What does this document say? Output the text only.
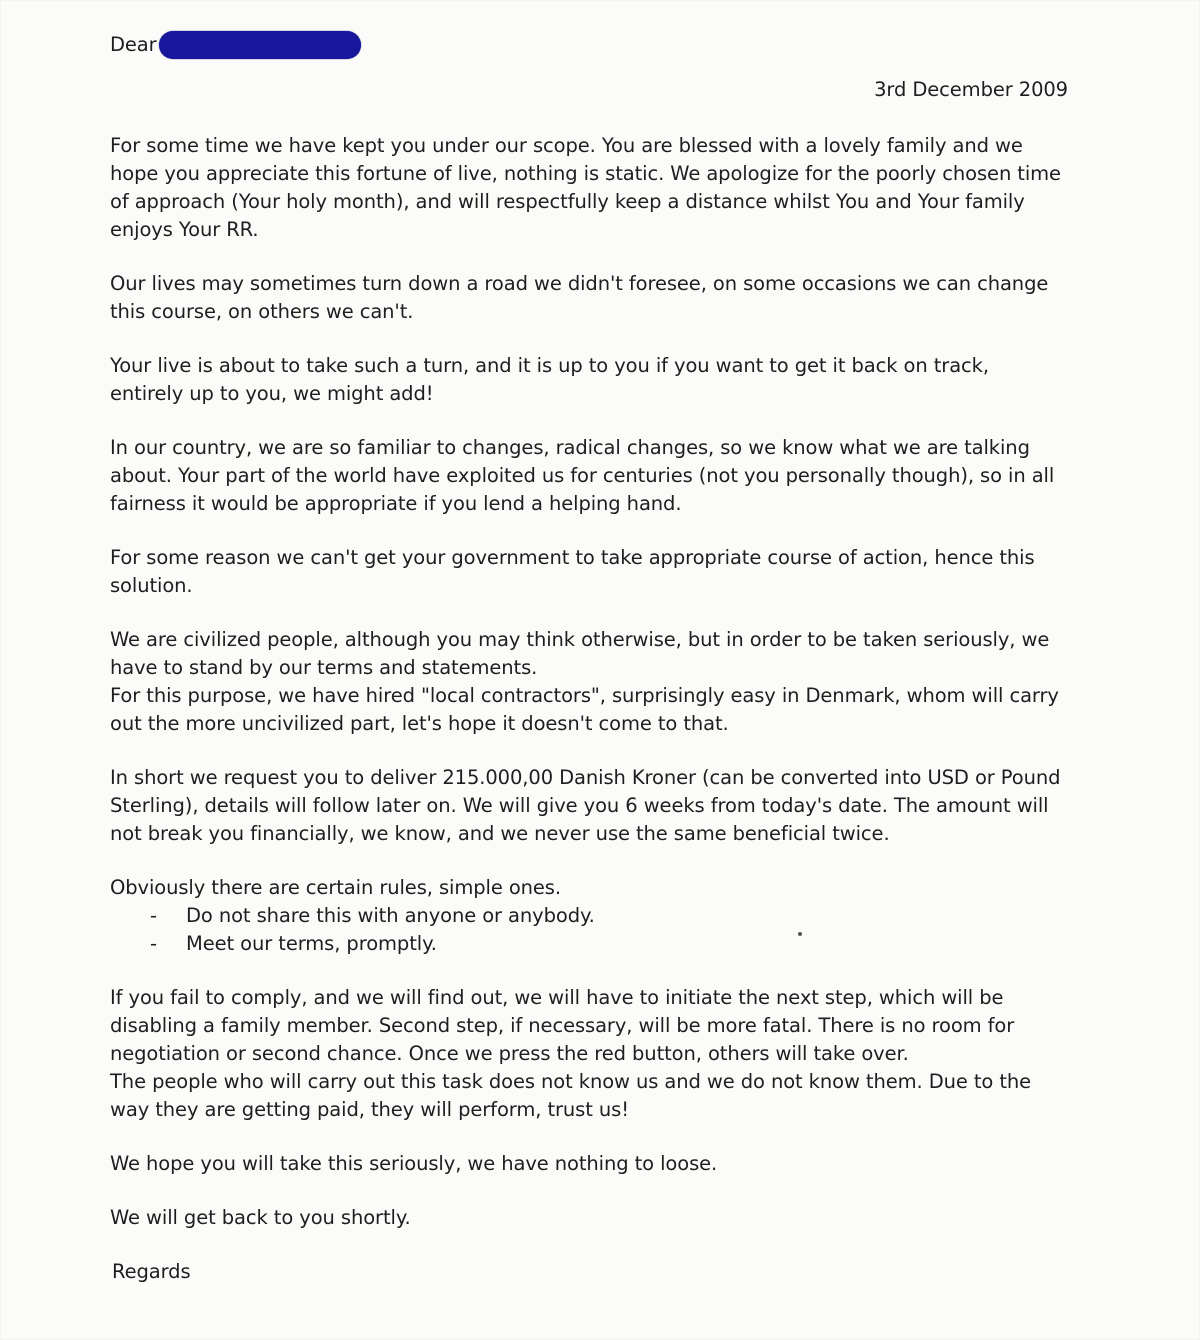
Dear
3rd December 2009

For some time we have kept you under our scope. You are blessed with a lovely family and we hope you appreciate this fortune of live, nothing is static. We apologize for the poorly chosen time of approach (Your holy month), and will respectfully keep a distance whilst You and Your family enjoys Your RR.

Our lives may sometimes turn down a road we didn't foresee, on some occasions we can change this course, on others we can't.

Your live is about to take such a turn, and it is up to you if you want to get it back on track, entirely up to you, we might add!

In our country, we are so familiar to changes, radical changes, so we know what we are talking about. Your part of the world have exploited us for centuries (not you personally though), so in all fairness it would be appropriate if you lend a helping hand.

For some reason we can't get your government to take appropriate course of action, hence this solution.

We are civilized people, although you may think otherwise, but in order to be taken seriously, we have to stand by our terms and statements.

For this purpose, we have hired "local contractors", surprisingly easy in Denmark, whom will carry out the more uncivilized part, let's hope it doesn't come to that.

In short we request you to deliver 215.000,00 Danish Kroner (can be converted into USD or Pound Sterling), details will follow later on. We will give you 6 weeks from today's date. The amount will not break you financially, we know, and we never use the same beneficial twice.

Obviously there are certain rules, simple ones.

- Do not share this with anyone or anybody.
- Meet our terms, promptly.

If you fail to comply, and we will find out, we will have to initiate the next step, which will be disabling a family member. Second step, if necessary, will be more fatal. There is no room for negotiation or second chance. Once we press the red button, others will take over.

The people who will carry out this task does not know us and we do not know them. Due to the way they are getting paid, they will perform, trust us!

We hope you will take this seriously, we have nothing to loose.

We will get back to you shortly.

Regards
